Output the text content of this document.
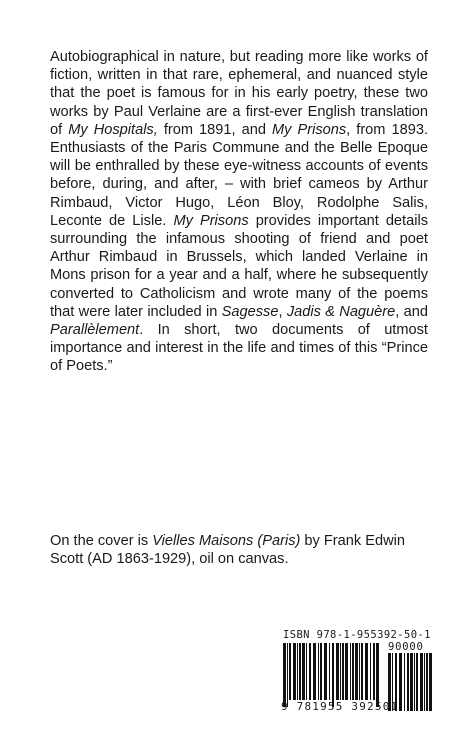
Autobiographical in nature, but reading more like works of fiction, written in that rare, ephemeral, and nuanced style that the poet is famous for in his early poetry, these two works by Paul Verlaine are a first-ever English translation of My Hospitals, from 1891, and My Prisons, from 1893. Enthusiasts of the Paris Commune and the Belle Epoque will be enthralled by these eye-witness accounts of events before, during, and after, – with brief cameos by Arthur Rimbaud, Victor Hugo, Léon Bloy, Rodolphe Salis, Leconte de Lisle. My Prisons provides important details surrounding the infamous shooting of friend and poet Arthur Rimbaud in Brussels, which landed Verlaine in Mons prison for a year and a half, where he subsequently converted to Catholicism and wrote many of the poems that were later included in Sagesse, Jadis & Naguère, and Parallèlement. In short, two documents of utmost importance and interest in the life and times of this “Prince of Poets.”

On the cover is Vielles Maisons (Paris) by Frank Edwin Scott (AD 1863-1929), oil on canvas.

ISBN 978-1-955392-50-1
90000
9 781955 392501
